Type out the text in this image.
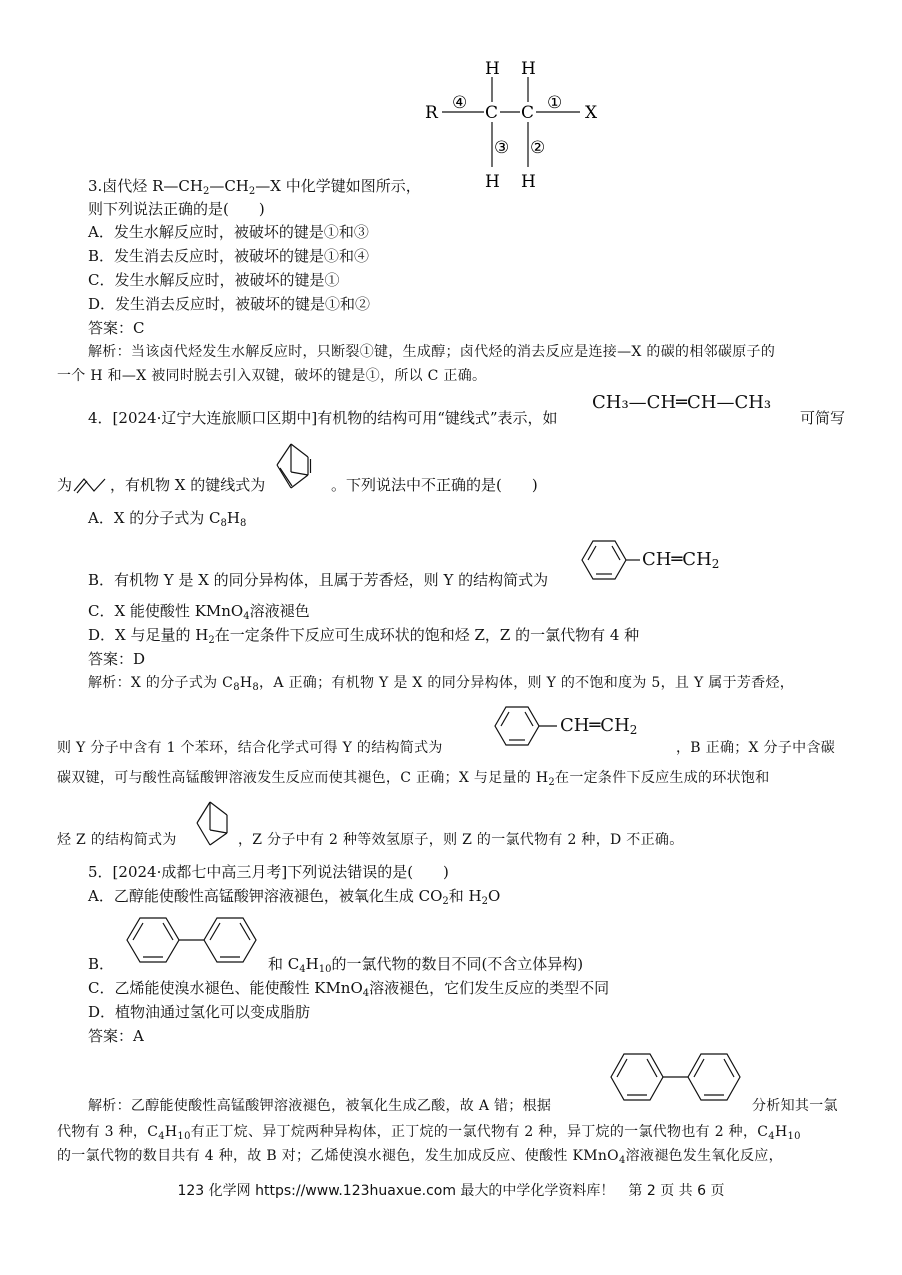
R	X
C C
H H
H H
④	①
③ ②
3.卤代烃 $R—CH_2—CH_2—X$ 中化学键如图所示，
则下列说法正确的是(　　)
A．发生水解反应时，被破坏的键是①和③
B．发生消去反应时，被破坏的键是①和④
C．发生水解反应时，被破坏的键是①
D．发生消去反应时，被破坏的键是①和②
答案：C
解析：当该卤代烃发生水解反应时，只断裂①键，生成醇；卤代烃的消去反应是连接—X 的碳的相邻碳原子的
一个 H 和—X 被同时脱去引入双键，破坏的键是①，所以 C 正确。
4．[2024·辽宁大连旅顺口区期中]有机物的结构可用“键线式”表示，如
CH₃—CH═CH—CH₃
可简写
为	，有机物 X 的键线式为	。下列说法中不正确的是(　　)
A．X 的分子式为 $C_8H_8$
B．有机物 Y 是 X 的同分异构体，且属于芳香烃，则 Y 的结构简式为
$CH═CH_2$
C．X 能使酸性 KMnO$_4$溶液褪色
D．X 与足量的 $H_2$在一定条件下反应可生成环状的饱和烃 Z，Z 的一氯代物有 4 种
答案：D
解析：X 的分子式为 $C_8H_8$，A 正确；有机物 Y 是 X 的同分异构体，则 Y 的不饱和度为 5，且 Y 属于芳香烃，
则 Y 分子中含有 1 个苯环，结合化学式可得 Y 的结构简式为
$CH═CH_2$
，B 正确；X 分子中含碳
碳双键，可与酸性高锰酸钾溶液发生反应而使其褪色，C 正确；X 与足量的 $H_2$在一定条件下反应生成的环状饱和
烃 Z 的结构简式为	，Z 分子中有 2 种等效氢原子，则 Z 的一氯代物有 2 种，D 不正确。
5．[2024·成都七中高三月考]下列说法错误的是(　　)
A．乙醇能使酸性高锰酸钾溶液褪色，被氧化生成 $CO_2$和 $H_2O$
B．	和 $C_4H_{10}$的一氯代物的数目不同(不含立体异构)
C．乙烯能使溴水褪色、能使酸性 KMnO$_4$溶液褪色，它们发生反应的类型不同
D．植物油通过氢化可以变成脂肪
答案：A
解析：乙醇能使酸性高锰酸钾溶液褪色，被氧化生成乙酸，故 A 错；根据	分析知其一氯
代物有 3 种，$C_4H_{10}$有正丁烷、异丁烷两种异构体，正丁烷的一氯代物有 2 种，异丁烷的一氯代物也有 2 种，$C_4H_{10}$
的一氯代物的数目共有 4 种，故 B 对；乙烯使溴水褪色，发生加成反应、使酸性 KMnO$_4$溶液褪色发生氧化反应，
123 化学网 https://www.123huaxue.com 最大的中学化学资料库！　第 2 页 共 6 页
